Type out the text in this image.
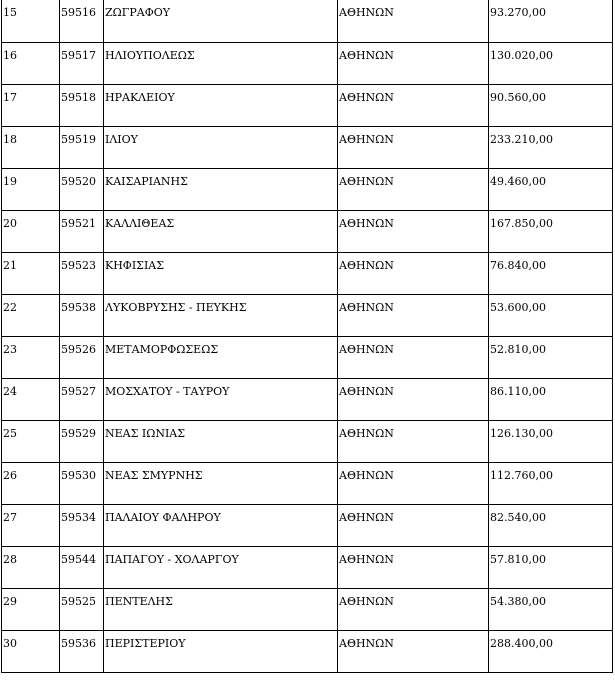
15	59516	ΖΩΓΡΑΦΟΥ	ΑΘΗΝΩΝ	93.270,00
16	59517	ΗΛΙΟΥΠΟΛΕΩΣ	ΑΘΗΝΩΝ	130.020,00
17	59518	ΗΡΑΚΛΕΙΟΥ	ΑΘΗΝΩΝ	90.560,00
18	59519	ΙΛΙΟΥ	ΑΘΗΝΩΝ	233.210,00
19	59520	ΚΑΙΣΑΡΙΑΝΗΣ	ΑΘΗΝΩΝ	49.460,00
20	59521	ΚΑΛΛΙΘΕΑΣ	ΑΘΗΝΩΝ	167.850,00
21	59523	ΚΗΦΙΣΙΑΣ	ΑΘΗΝΩΝ	76.840,00
22	59538	ΛΥΚΟΒΡΥΣΗΣ - ΠΕΥΚΗΣ	ΑΘΗΝΩΝ	53.600,00
23	59526	ΜΕΤΑΜΟΡΦΩΣΕΩΣ	ΑΘΗΝΩΝ	52.810,00
24	59527	ΜΟΣΧΑΤΟΥ - ΤΑΥΡΟΥ	ΑΘΗΝΩΝ	86.110,00
25	59529	ΝΕΑΣ ΙΩΝΙΑΣ	ΑΘΗΝΩΝ	126.130,00
26	59530	ΝΕΑΣ ΣΜΥΡΝΗΣ	ΑΘΗΝΩΝ	112.760,00
27	59534	ΠΑΛΑΙΟΥ ΦΑΛΗΡΟΥ	ΑΘΗΝΩΝ	82.540,00
28	59544	ΠΑΠΑΓΟΥ - ΧΟΛΑΡΓΟΥ	ΑΘΗΝΩΝ	57.810,00
29	59525	ΠΕΝΤΕΛΗΣ	ΑΘΗΝΩΝ	54.380,00
30	59536	ΠΕΡΙΣΤΕΡΙΟΥ	ΑΘΗΝΩΝ	288.400,00
